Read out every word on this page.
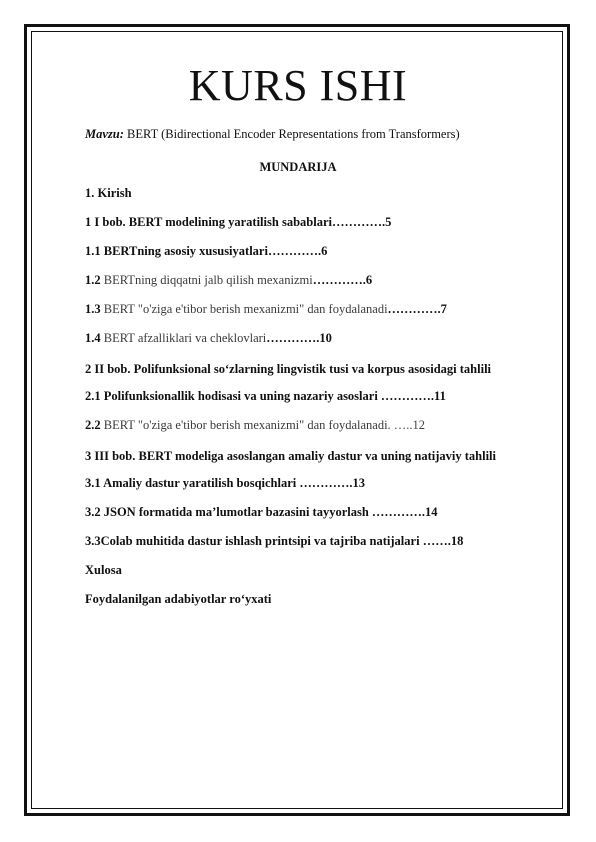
KURS ISHI
Mavzu: BERT (Bidirectional Encoder Representations from Transformers)
MUNDARIJA
1. Kirish
1 I bob. BERT modelining yaratilish sabablari………….5
1.1 BERTning asosiy xususiyatlari………….6
1.2 BERTning diqqatni jalb qilish mexanizmi………….6
1.3 BERT "o'ziga e'tibor berish mexanizmi" dan foydalanadi………….7
1.4 BERT afzalliklari va cheklovlari………….10
2 II bob. Polifunksional so‘zlarning lingvistik tusi va korpus asosidagi tahlili
2.1 Polifunksionallik hodisasi va uning nazariy asoslari ………….11
2.2 BERT "o'ziga e'tibor berish mexanizmi" dan foydalanadi. …..12
3 III bob. BERT modeliga asoslangan amaliy dastur va uning natijaviy tahlili
3.1 Amaliy dastur yaratilish bosqichlari ………….13
3.2 JSON formatida ma’lumotlar bazasini tayyorlash ………….14
3.3Colab muhitida dastur ishlash printsipi va tajriba natijalari …….18
Xulosa
Foydalanilgan adabiyotlar ro‘yxati
